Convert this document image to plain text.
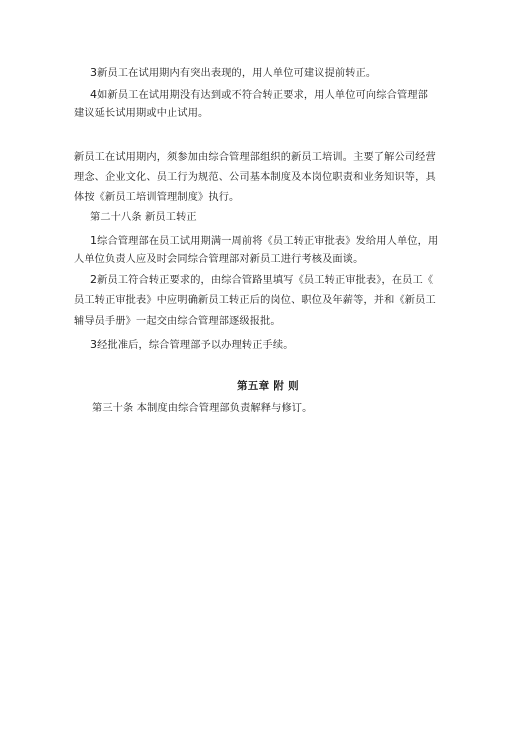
3新员工在试用期内有突出表现的，用人单位可建议提前转正。
4如新员工在试用期没有达到或不符合转正要求，用人单位可向综合管理部
建议延长试用期或中止试用。
新员工在试用期内，须参加由综合管理部组织的新员工培训。主要了解公司经营
理念、企业文化、员工行为规范、公司基本制度及本岗位职责和业务知识等，具
体按《新员工培训管理制度》执行。
第二十八条 新员工转正
1综合管理部在员工试用期满一周前将《员工转正审批表》发给用人单位，用
人单位负责人应及时会同综合管理部对新员工进行考核及面谈。
2新员工符合转正要求的，由综合管路里填写《员工转正审批表》，在员工《
员工转正审批表》中应明确新员工转正后的岗位、职位及年薪等，并和《新员工
辅导员手册》一起交由综合管理部逐级报批。
3经批准后，综合管理部予以办理转正手续。
第五章 附 则
第三十条 本制度由综合管理部负责解释与修订。
